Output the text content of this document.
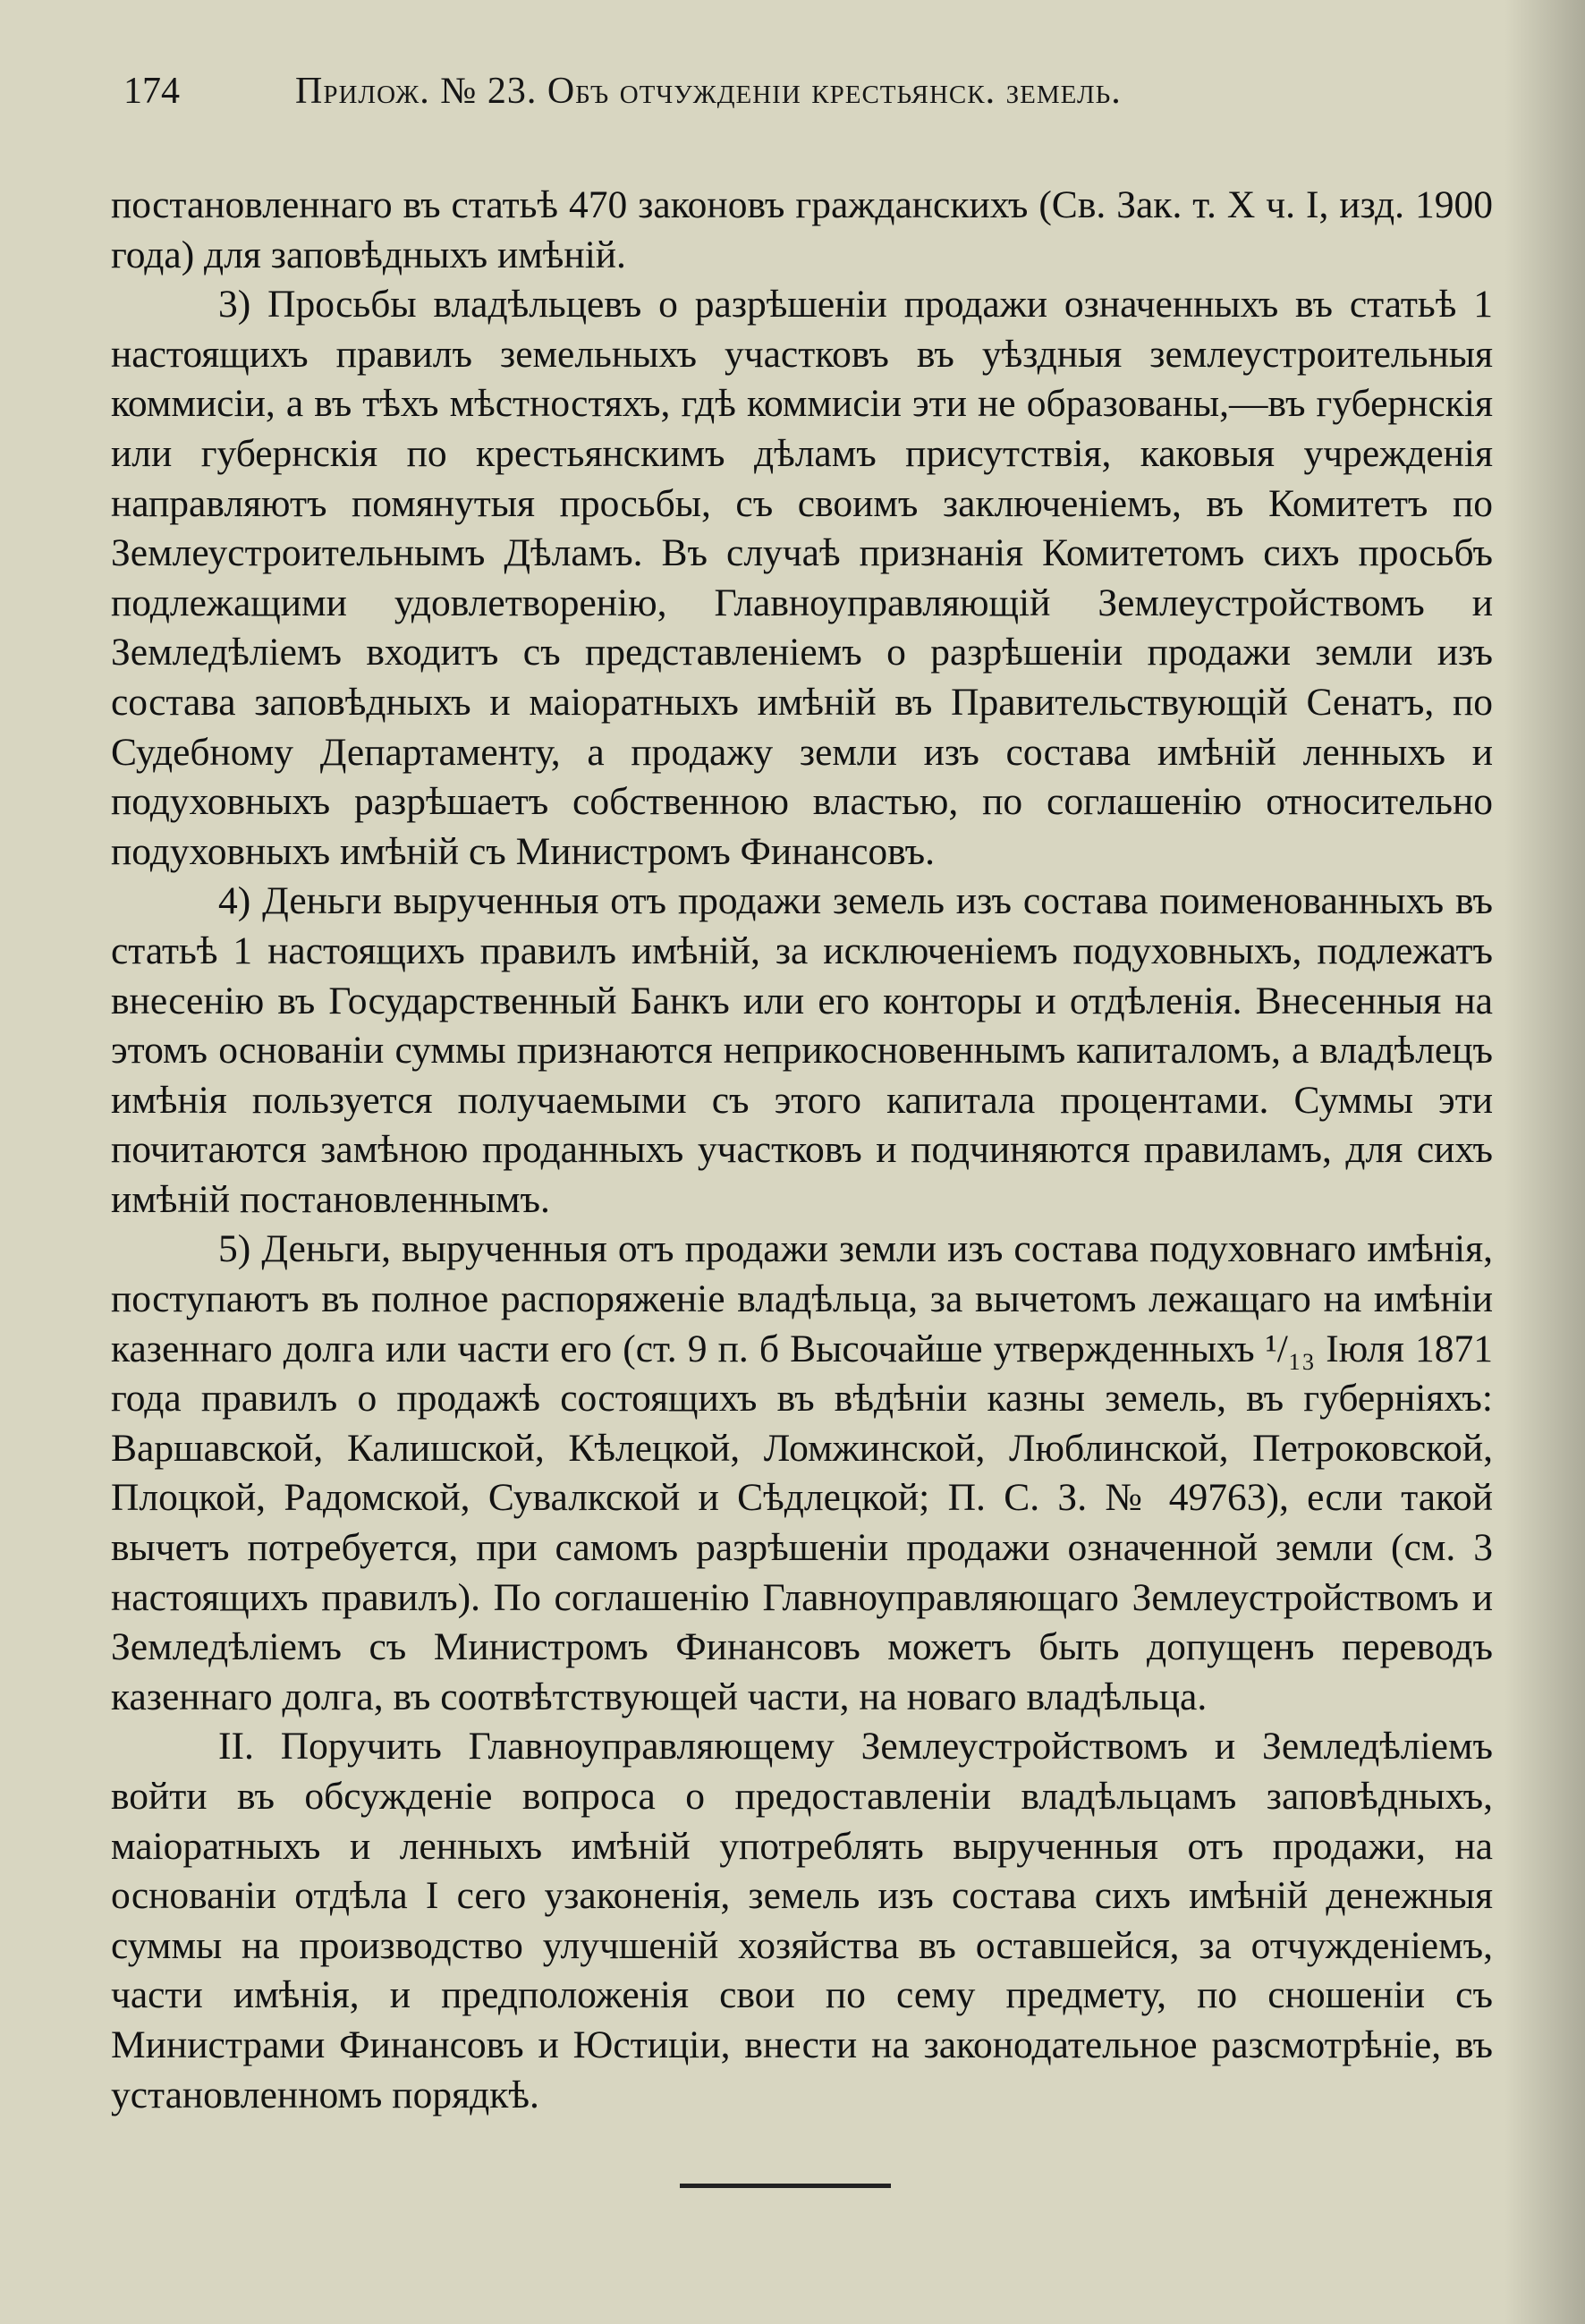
174	Прилож. № 23. Объ отчужденіи крестьянск. земель.

постановленнаго въ статьѣ 470 законовъ гражданскихъ (Св. Зак. т. X ч. I, изд. 1900 года) для заповѣдныхъ имѣній.

3) Просьбы владѣльцевъ о разрѣшеніи продажи означенныхъ въ статьѣ 1 настоящихъ правилъ земельныхъ участковъ въ уѣздныя землеустроительныя коммисіи, а въ тѣхъ мѣстностяхъ, гдѣ коммисіи эти не образованы,—въ губернскія или губернскія по крестьянскимъ дѣламъ присутствія, каковыя учрежденія направляютъ помянутыя просьбы, съ своимъ заключеніемъ, въ Комитетъ по Землеустроительнымъ Дѣламъ. Въ случаѣ признанія Комитетомъ сихъ просьбъ подлежащими удовлетворенію, Главноуправляющій Землеустройствомъ и Земледѣліемъ входитъ съ представленіемъ о разрѣшеніи продажи земли изъ состава заповѣдныхъ и маіоратныхъ имѣній въ Правительствующій Сенатъ, по Судебному Департаменту, а продажу земли изъ состава имѣній ленныхъ и подуховныхъ разрѣшаетъ собственною властью, по соглашенію относительно подуховныхъ имѣній съ Министромъ Финансовъ.

4) Деньги вырученныя отъ продажи земель изъ состава поименованныхъ въ статьѣ 1 настоящихъ правилъ имѣній, за исключеніемъ подуховныхъ, подлежатъ внесенію въ Государственный Банкъ или его конторы и отдѣленія. Внесенныя на этомъ основаніи суммы признаются неприкосновеннымъ капиталомъ, а владѣлецъ имѣнія пользуется получаемыми съ этого капитала процентами. Суммы эти почитаются замѣною проданныхъ участковъ и подчиняются правиламъ, для сихъ имѣній постановленнымъ.

5) Деньги, вырученныя отъ продажи земли изъ состава подуховнаго имѣнія, поступаютъ въ полное распоряженіе владѣльца, за вычетомъ лежащаго на имѣніи казеннаго долга или части его (ст. 9 п. б Высочайше утвержденныхъ ¹/₁₃ Іюля 1871 года правилъ о продажѣ состоящихъ въ вѣдѣніи казны земель, въ губерніяхъ: Варшавской, Калишской, Кѣлецкой, Ломжинской, Люблинской, Петроковской, Плоцкой, Радомской, Сувалкской и Сѣдлецкой; П. С. З. № 49763), если такой вычетъ потребуется, при самомъ разрѣшеніи продажи означенной земли (см. 3 настоящихъ правилъ). По соглашенію Главноуправляющаго Землеустройствомъ и Земледѣліемъ съ Министромъ Финансовъ можетъ быть допущенъ переводъ казеннаго долга, въ соотвѣтствующей части, на новаго владѣльца.

II. Поручить Главноуправляющему Землеустройствомъ и Земледѣліемъ войти въ обсужденіе вопроса о предоставленіи владѣльцамъ заповѣдныхъ, маіоратныхъ и ленныхъ имѣній употреблять вырученныя отъ продажи, на основаніи отдѣла I сего узаконенія, земель изъ состава сихъ имѣній денежныя суммы на производство улучшеній хозяйства въ оставшейся, за отчужденіемъ, части имѣнія, и предположенія свои по сему предмету, по сношеніи съ Министрами Финансовъ и Юстиціи, внести на законодательное разсмотрѣніе, въ установленномъ порядкѣ.
